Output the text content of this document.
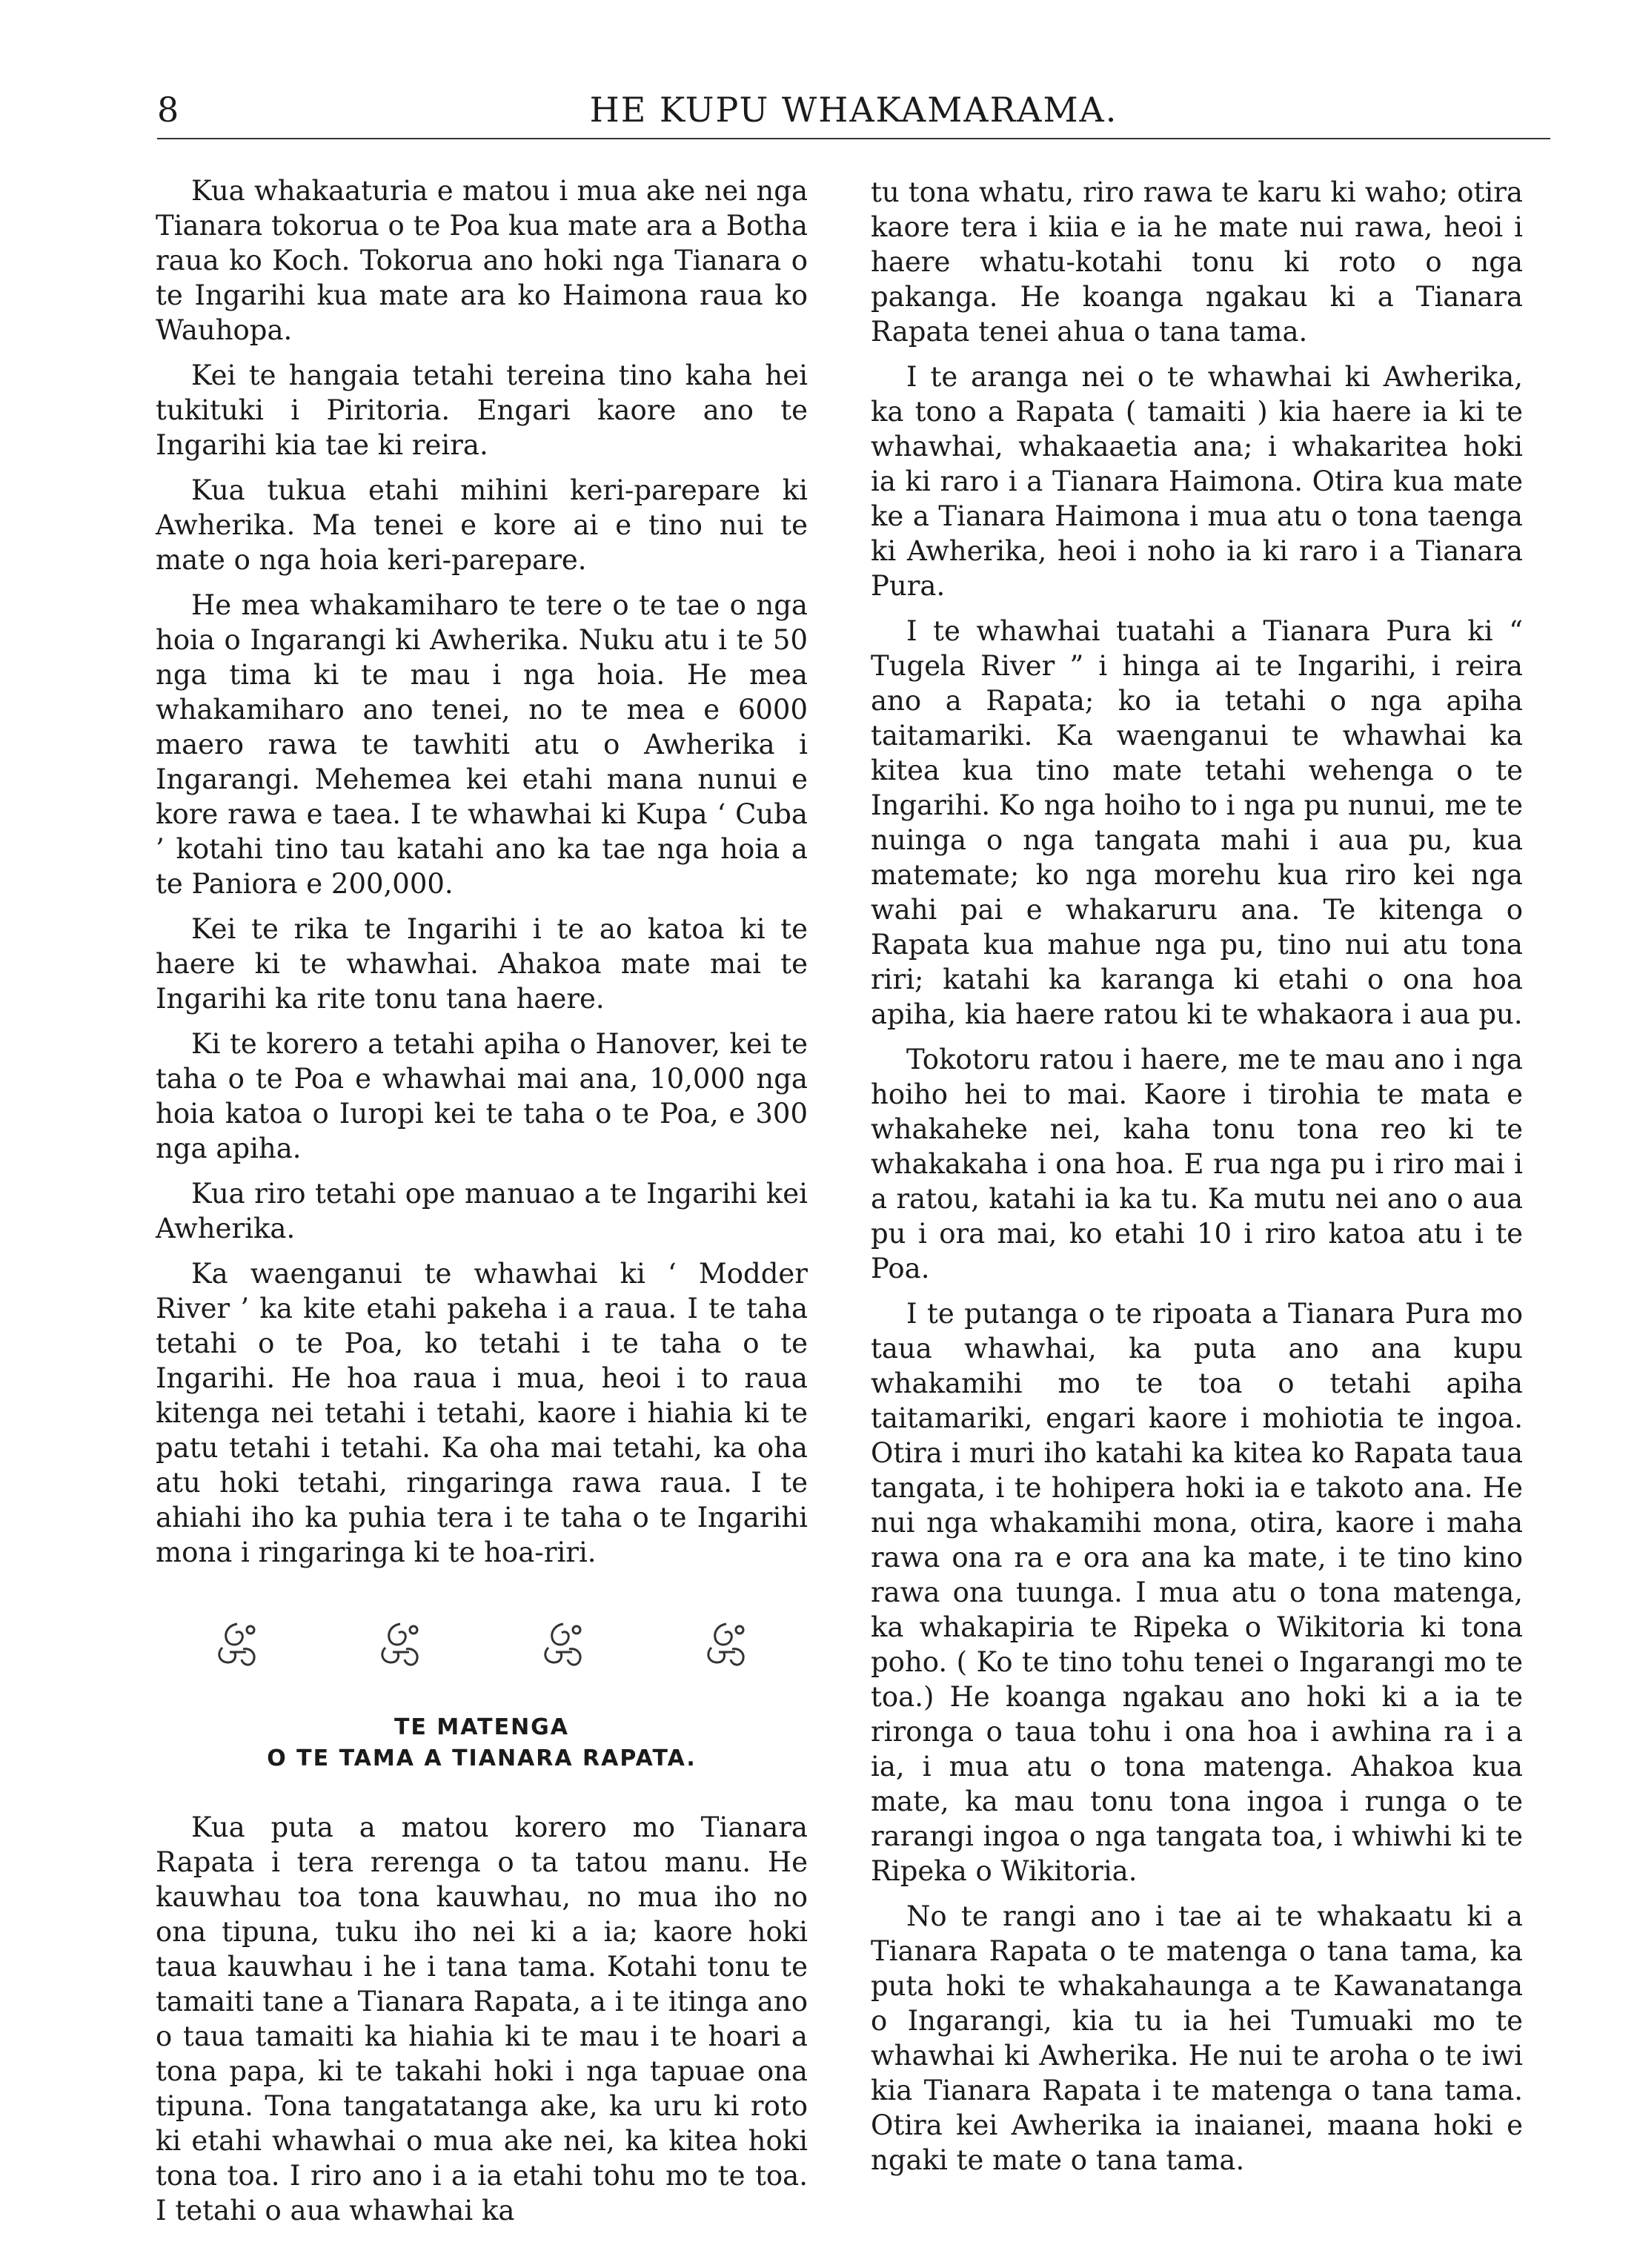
HE KUPU WHAKAMARAMA.
8

Kua whakaaturia e matou i mua ake nei nga Tianara tokorua o te Poa kua mate ara a Botha raua ko Koch. Tokorua ano hoki nga Tianara o te Ingarihi kua mate ara ko Haimona raua ko Wauhopa.

Kei te hangaia tetahi tereina tino kaha hei tukituki i Piritoria. Engari kaore ano te Ingarihi kia tae ki reira.

Kua tukua etahi mihini keri-parepare ki Awherika. Ma tenei e kore ai e tino nui te mate o nga hoia keri-parepare.

He mea whakamiharo te tere o te tae o nga hoia o Ingarangi ki Awherika. Nuku atu i te 50 nga tima ki te mau i nga hoia. He mea whakamiharo ano tenei, no te mea e 6000 maero rawa te tawhiti atu o Awherika i Ingarangi. Mehemea kei etahi mana nunui e kore rawa e taea. I te whawhai ki Kupa ‘ Cuba ’ kotahi tino tau katahi ano ka tae nga hoia a te Paniora e 200,000.

Kei te rika te Ingarihi i te ao katoa ki te haere ki te whawhai. Ahakoa mate mai te Ingarihi ka rite tonu tana haere.

Ki te korero a tetahi apiha o Hanover, kei te taha o te Poa e whawhai mai ana, 10,000 nga hoia katoa o Iuropi kei te taha o te Poa, e 300 nga apiha.

Kua riro tetahi ope manuao a te Ingarihi kei Awherika.

Ka waenganui te whawhai ki ‘ Modder River ’ ka kite etahi pakeha i a raua. I te taha tetahi o te Poa, ko tetahi i te taha o te Ingarihi. He hoa raua i mua, heoi i to raua kitenga nei tetahi i tetahi, kaore i hiahia ki te patu tetahi i tetahi. Ka oha mai tetahi, ka oha atu hoki tetahi, ringaringa rawa raua. I te ahiahi iho ka puhia tera i te taha o te Ingarihi mona i ringaringa ki te hoa-riri.

TE MATENGA
O TE TAMA A TIANARA RAPATA.

Kua puta a matou korero mo Tianara Rapata i tera rerenga o ta tatou manu. He kauwhau toa tona kauwhau, no mua iho no ona tipuna, tuku iho nei ki a ia; kaore hoki taua kauwhau i he i tana tama. Kotahi tonu te tamaiti tane a Tianara Rapata, a i te itinga ano o taua tamaiti ka hiahia ki te mau i te hoari a tona papa, ki te takahi hoki i nga tapuae ona tipuna. Tona tangatatanga ake, ka uru ki roto ki etahi whawhai o mua ake nei, ka kitea hoki tona toa. I riro ano i a ia etahi tohu mo te toa. I tetahi o aua whawhai ka

tu tona whatu, riro rawa te karu ki waho; otira kaore tera i kiia e ia he mate nui rawa, heoi i haere whatu-kotahi tonu ki roto o nga pakanga. He koanga ngakau ki a Tianara Rapata tenei ahua o tana tama.

I te aranga nei o te whawhai ki Awherika, ka tono a Rapata ( tamaiti ) kia haere ia ki te whawhai, whakaaetia ana; i whakaritea hoki ia ki raro i a Tianara Haimona. Otira kua mate ke a Tianara Haimona i mua atu o tona taenga ki Awherika, heoi i noho ia ki raro i a Tianara Pura.

I te whawhai tuatahi a Tianara Pura ki “ Tugela River ” i hinga ai te Ingarihi, i reira ano a Rapata; ko ia tetahi o nga apiha taitamariki. Ka waenganui te whawhai ka kitea kua tino mate tetahi wehenga o te Ingarihi. Ko nga hoiho to i nga pu nunui, me te nuinga o nga tangata mahi i aua pu, kua matemate; ko nga morehu kua riro kei nga wahi pai e whakaruru ana. Te kitenga o Rapata kua mahue nga pu, tino nui atu tona riri; katahi ka karanga ki etahi o ona hoa apiha, kia haere ratou ki te whakaora i aua pu.

Tokotoru ratou i haere, me te mau ano i nga hoiho hei to mai. Kaore i tirohia te mata e whakaheke nei, kaha tonu tona reo ki te whakakaha i ona hoa. E rua nga pu i riro mai i a ratou, katahi ia ka tu. Ka mutu nei ano o aua pu i ora mai, ko etahi 10 i riro katoa atu i te Poa.

I te putanga o te ripoata a Tianara Pura mo taua whawhai, ka puta ano ana kupu whakamihi mo te toa o tetahi apiha taitamariki, engari kaore i mohiotia te ingoa. Otira i muri iho katahi ka kitea ko Rapata taua tangata, i te hohipera hoki ia e takoto ana. He nui nga whakamihi mona, otira, kaore i maha rawa ona ra e ora ana ka mate, i te tino kino rawa ona tuunga. I mua atu o tona matenga, ka whakapiria te Ripeka o Wikitoria ki tona poho. ( Ko te tino tohu tenei o Ingarangi mo te toa.) He koanga ngakau ano hoki ki a ia te rironga o taua tohu i ona hoa i awhina ra i a ia, i mua atu o tona matenga. Ahakoa kua mate, ka mau tonu tona ingoa i runga o te rarangi ingoa o nga tangata toa, i whiwhi ki te Ripeka o Wikitoria.

No te rangi ano i tae ai te whakaatu ki a Tianara Rapata o te matenga o tana tama, ka puta hoki te whakahaunga a te Kawanatanga o Ingarangi, kia tu ia hei Tumuaki mo te whawhai ki Awherika. He nui te aroha o te iwi kia Tianara Rapata i te matenga o tana tama. Otira kei Awherika ia inaianei, maana hoki e ngaki te mate o tana tama.
